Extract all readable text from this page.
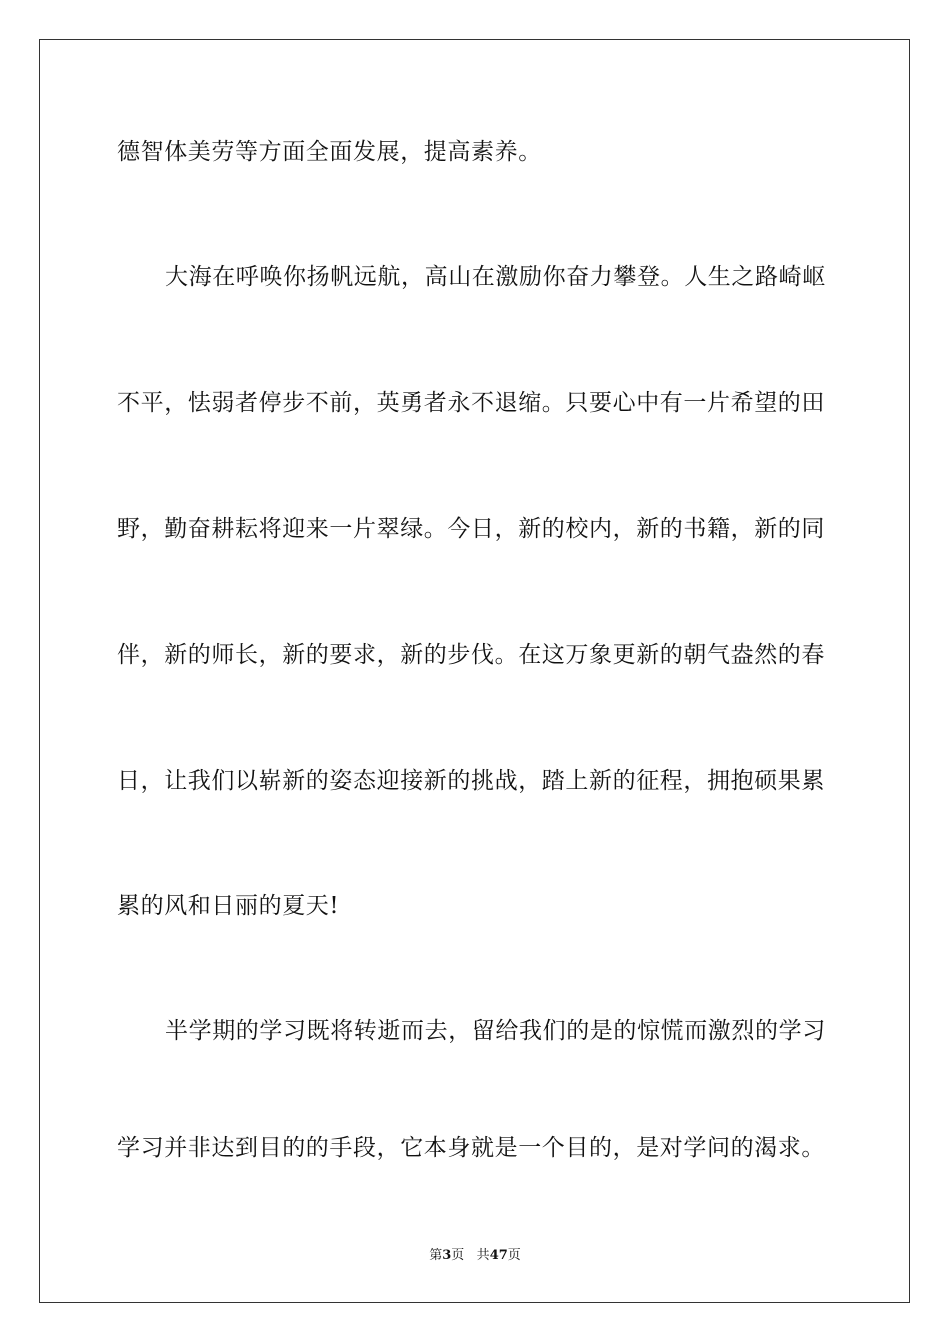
德智体美劳等方面全面发展，提高素养。
大海在呼唤你扬帆远航，高山在激励你奋力攀登。人生之路崎岖
不平，怯弱者停步不前，英勇者永不退缩。只要心中有一片希望的田
野，勤奋耕耘将迎来一片翠绿。今日，新的校内，新的书籍，新的同
伴，新的师长，新的要求，新的步伐。在这万象更新的朝气盎然的春
日，让我们以崭新的姿态迎接新的挑战，踏上新的征程，拥抱硕果累
累的风和日丽的夏天!
半学期的学习既将转逝而去，留给我们的是的惊慌而激烈的学习
学习并非达到目的的手段，它本身就是一个目的，是对学问的渴求。
第3页 共47页
